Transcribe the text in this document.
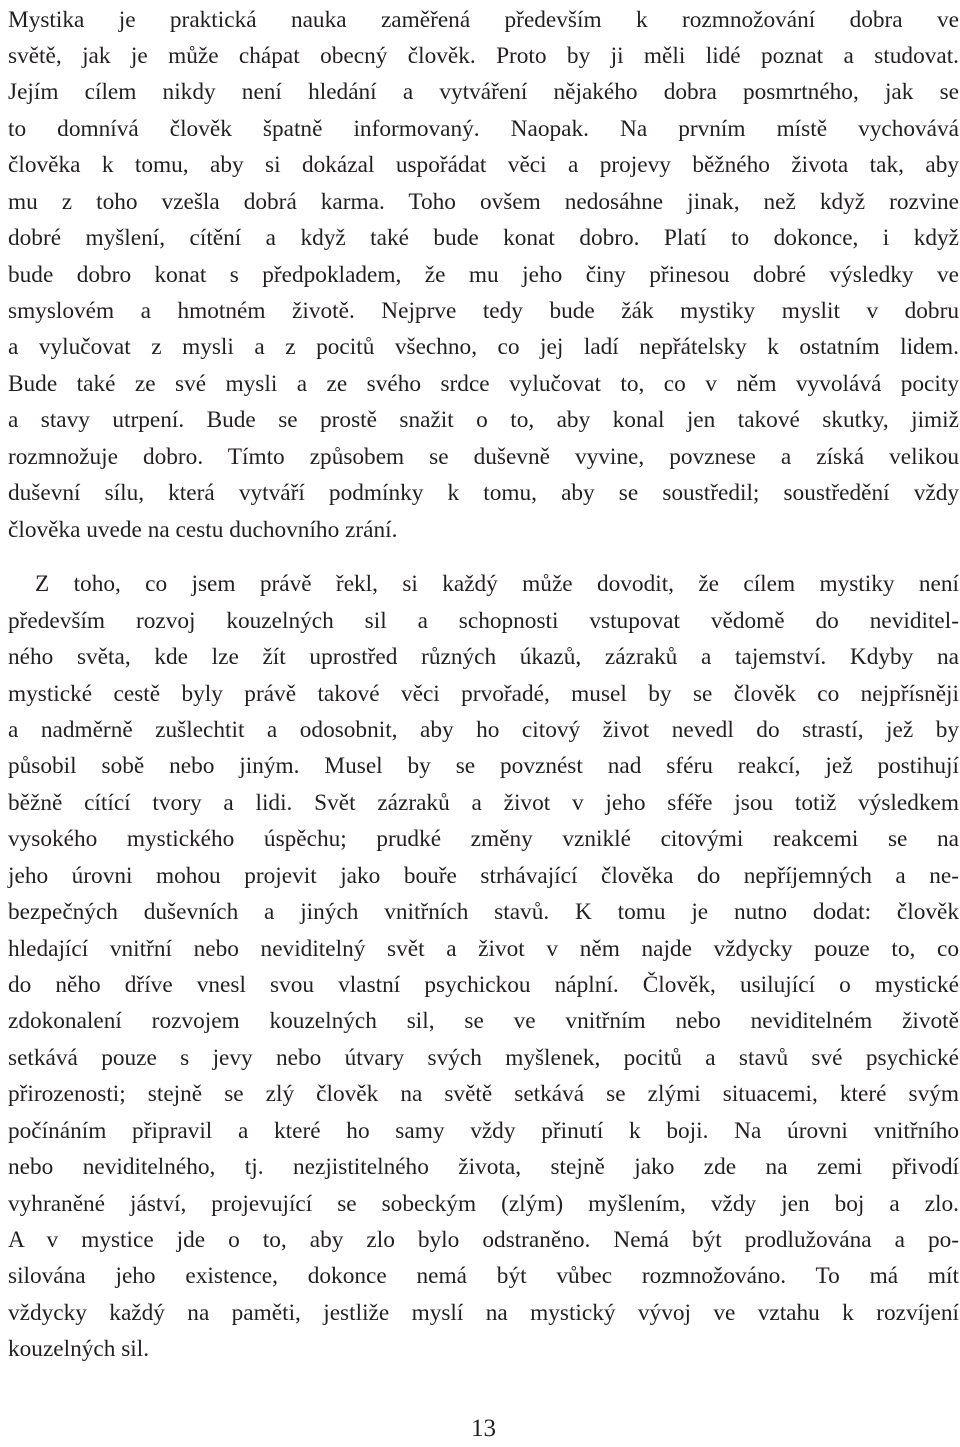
Mystika je praktická nauka zaměřená především k rozmnožování dobra ve
světě, jak je může chápat obecný člověk. Proto by ji měli lidé poznat a studovat.
Jejím cílem nikdy není hledání a vytváření nějakého dobra posmrtného, jak se
to domnívá člověk špatně informovaný. Naopak. Na prvním místě vychovává
člověka k tomu, aby si dokázal uspořádat věci a projevy běžného života tak, aby
mu z toho vzešla dobrá karma. Toho ovšem nedosáhne jinak, než když rozvine
dobré myšlení, cítění a když také bude konat dobro. Platí to dokonce, i když
bude dobro konat s předpokladem, že mu jeho činy přinesou dobré výsledky ve
smyslovém a hmotném životě. Nejprve tedy bude žák mystiky myslit v dobru
a vylučovat z mysli a z pocitů všechno, co jej ladí nepřátelsky k ostatním lidem.
Bude také ze své mysli a ze svého srdce vylučovat to, co v něm vyvolává pocity
a stavy utrpení. Bude se prostě snažit o to, aby konal jen takové skutky, jimiž
rozmnožuje dobro. Tímto způsobem se duševně vyvine, povznese a získá velikou
duševní sílu, která vytváří podmínky k tomu, aby se soustředil; soustředění vždy
člověka uvede na cestu duchovního zrání.
Z toho, co jsem právě řekl, si každý může dovodit, že cílem mystiky není
především rozvoj kouzelných sil a schopnosti vstupovat vědomě do neviditel-
ného světa, kde lze žít uprostřed různých úkazů, zázraků a tajemství. Kdyby na
mystické cestě byly právě takové věci prvořadé, musel by se člověk co nejpřísněji
a nadměrně zušlechtit a odosobnit, aby ho citový život nevedl do strastí, jež by
působil sobě nebo jiným. Musel by se povznést nad sféru reakcí, jež postihují
běžně cítící tvory a lidi. Svět zázraků a život v jeho sféře jsou totiž výsledkem
vysokého mystického úspěchu; prudké změny vzniklé citovými reakcemi se na
jeho úrovni mohou projevit jako bouře strhávající člověka do nepříjemných a ne-
bezpečných duševních a jiných vnitřních stavů. K tomu je nutno dodat: člověk
hledající vnitřní nebo neviditelný svět a život v něm najde vždycky pouze to, co
do něho dříve vnesl svou vlastní psychickou náplní. Člověk, usilující o mystické
zdokonalení rozvojem kouzelných sil, se ve vnitřním nebo neviditelném životě
setkává pouze s jevy nebo útvary svých myšlenek, pocitů a stavů své psychické
přirozenosti; stejně se zlý člověk na světě setkává se zlými situacemi, které svým
počínáním připravil a které ho samy vždy přinutí k boji. Na úrovni vnitřního
nebo neviditelného, tj. nezjistitelného života, stejně jako zde na zemi přivodí
vyhraněné jáství, projevující se sobeckým (zlým) myšlením, vždy jen boj a zlo.
A v mystice jde o to, aby zlo bylo odstraněno. Nemá být prodlužována a po-
silována jeho existence, dokonce nemá být vůbec rozmnožováno. To má mít
vždycky každý na paměti, jestliže myslí na mystický vývoj ve vztahu k rozvíjení
kouzelných sil.
13
